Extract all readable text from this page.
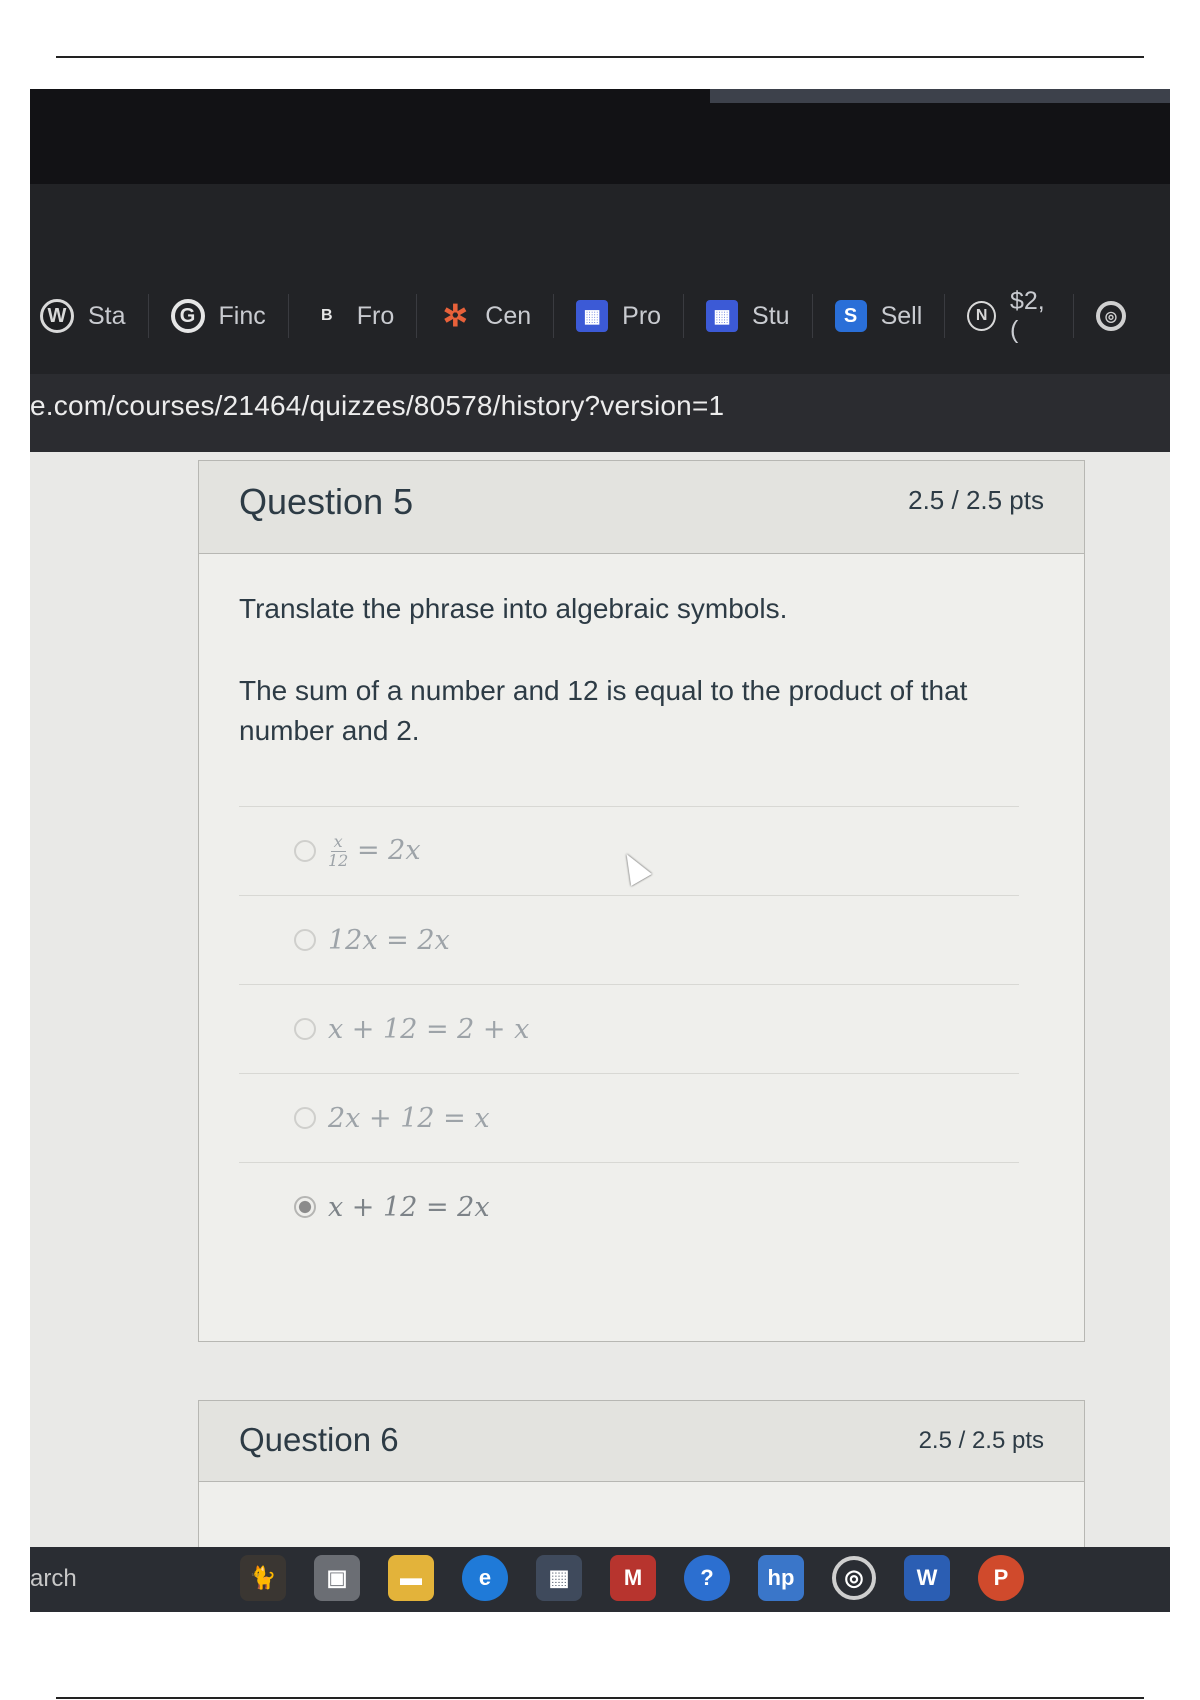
W Sta	G Finc	B Fro ✲ Cen	▦ Pro	▦ Stu	S Sell	N
$2,(
◎
e.com/courses/21464/quizzes/80578/history?version=1
Question 5	2.5 / 2.5 pts
Translate the phrase into algebraic symbols.
The sum of a number and 12 is equal to the product of that number and 2.
$\frac{x}{12} = 2x$
12x = 2x
x + 12 = 2 + x
2x + 12 = x
x + 12 = 2x
Question 6	2.5 / 2.5 pts
arch	🐈	▣	▬	e	▦	M	?	hp	◎	W	P
